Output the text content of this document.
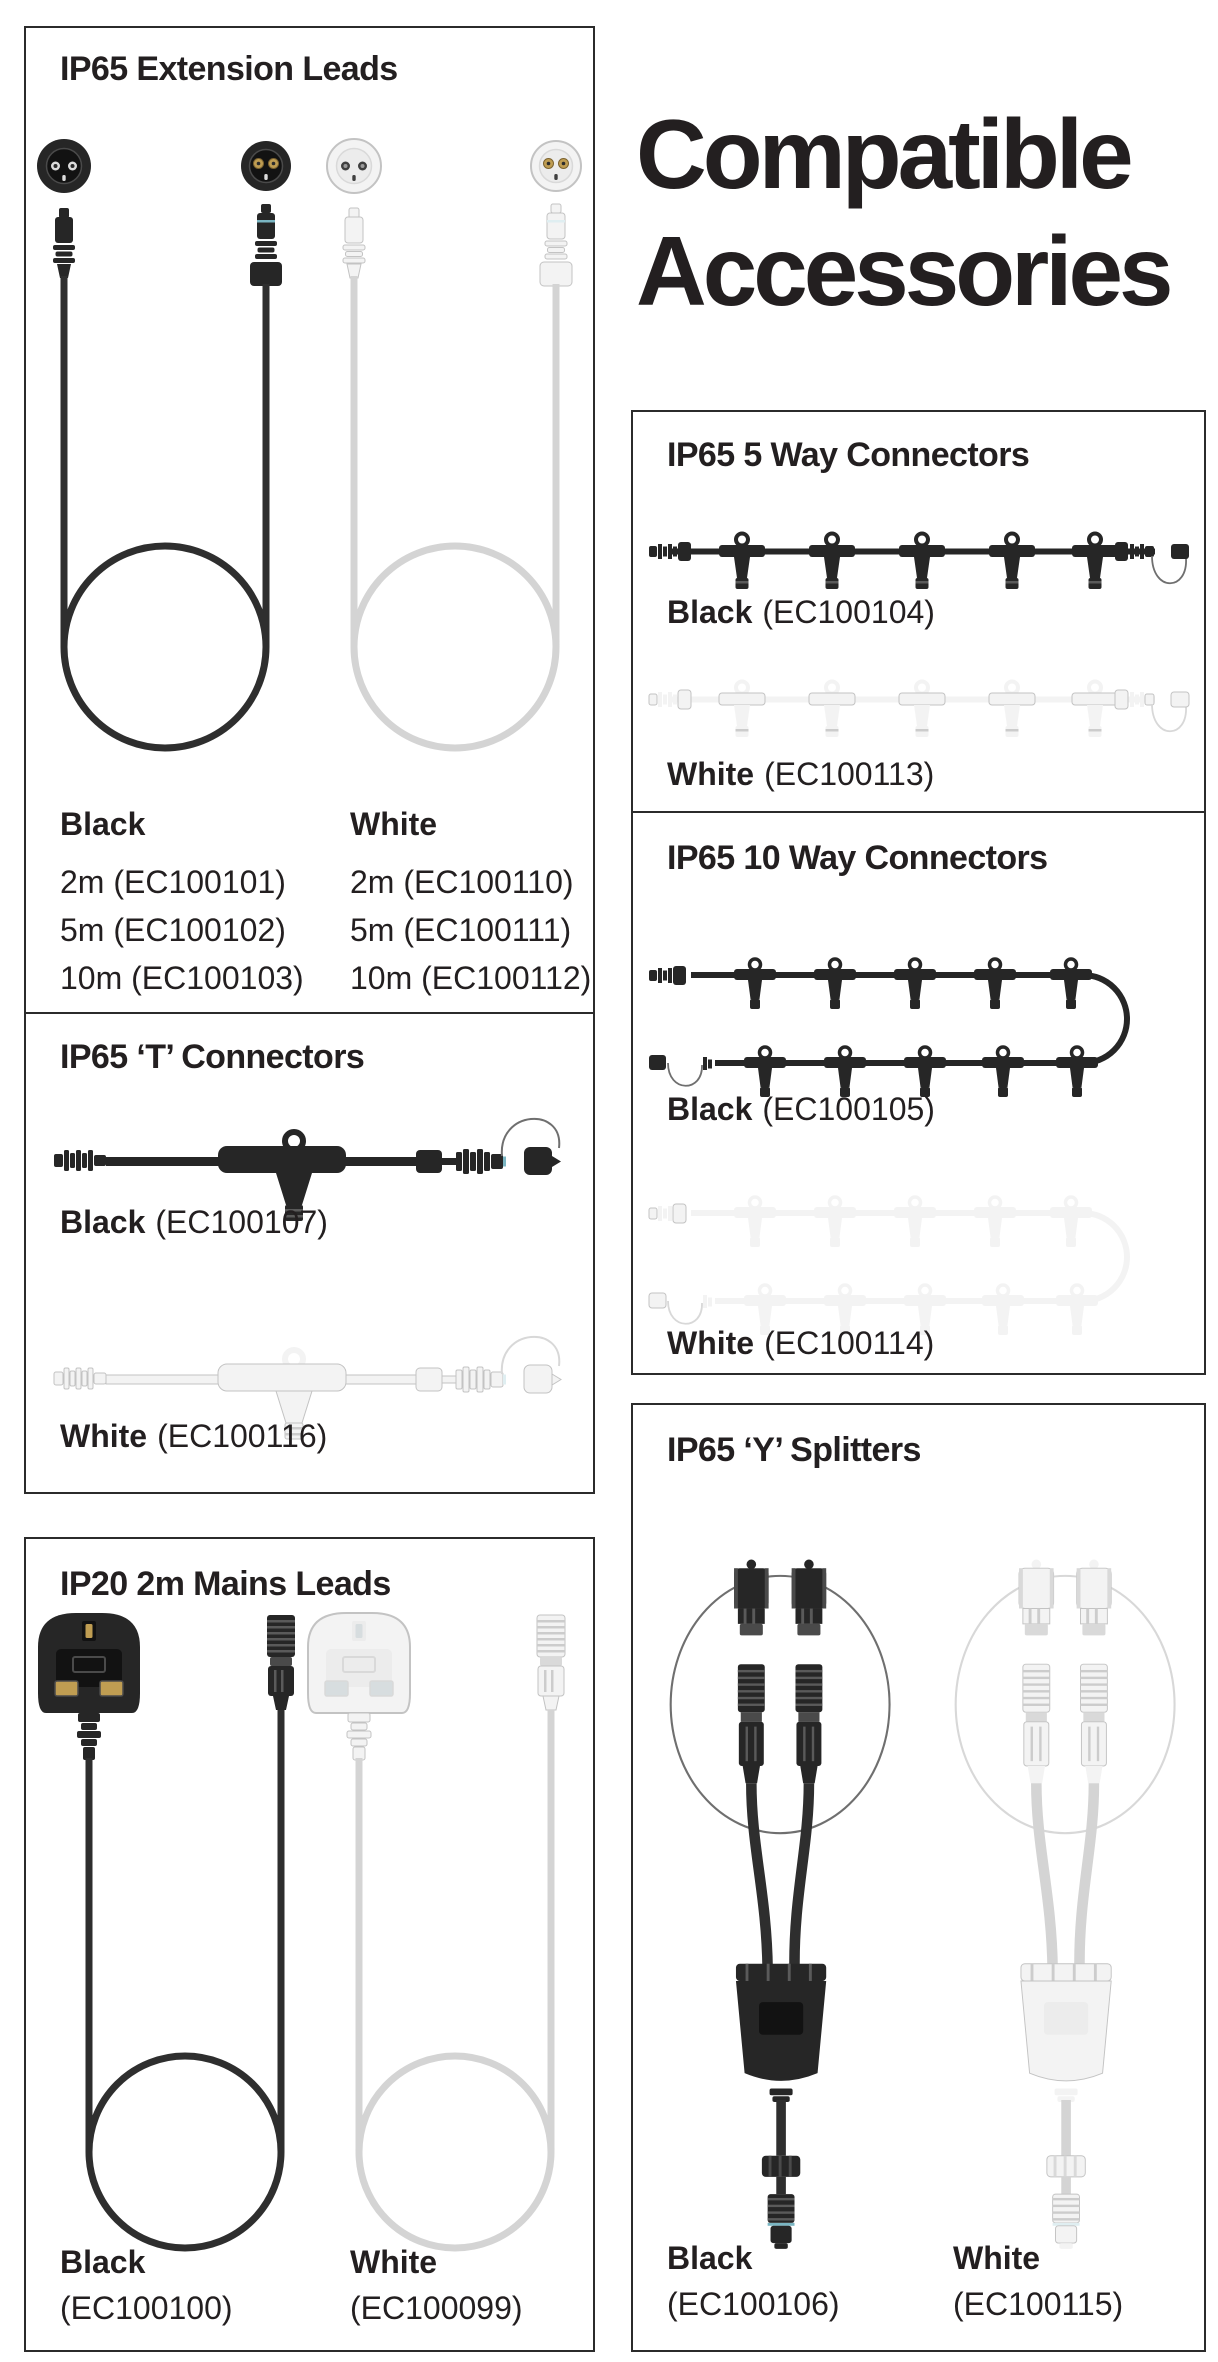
Compatible
Accessories
IP65 Extension Leads
Black
2m (EC100101)
5m (EC100102)
10m (EC100103)
White
2m (EC100110)
5m (EC100111)
10m (EC100112)
IP65 ‘T’ Connectors
Black (EC100107)
White (EC100116)
IP20 2m Mains Leads
Black
(EC100100)
White
(EC100099)
IP65 5 Way Connectors
Black (EC100104)
White (EC100113)
IP65 10 Way Connectors
Black (EC100105)
White (EC100114)
IP65 ‘Y’ Splitters
Black
(EC100106)
White
(EC100115)
